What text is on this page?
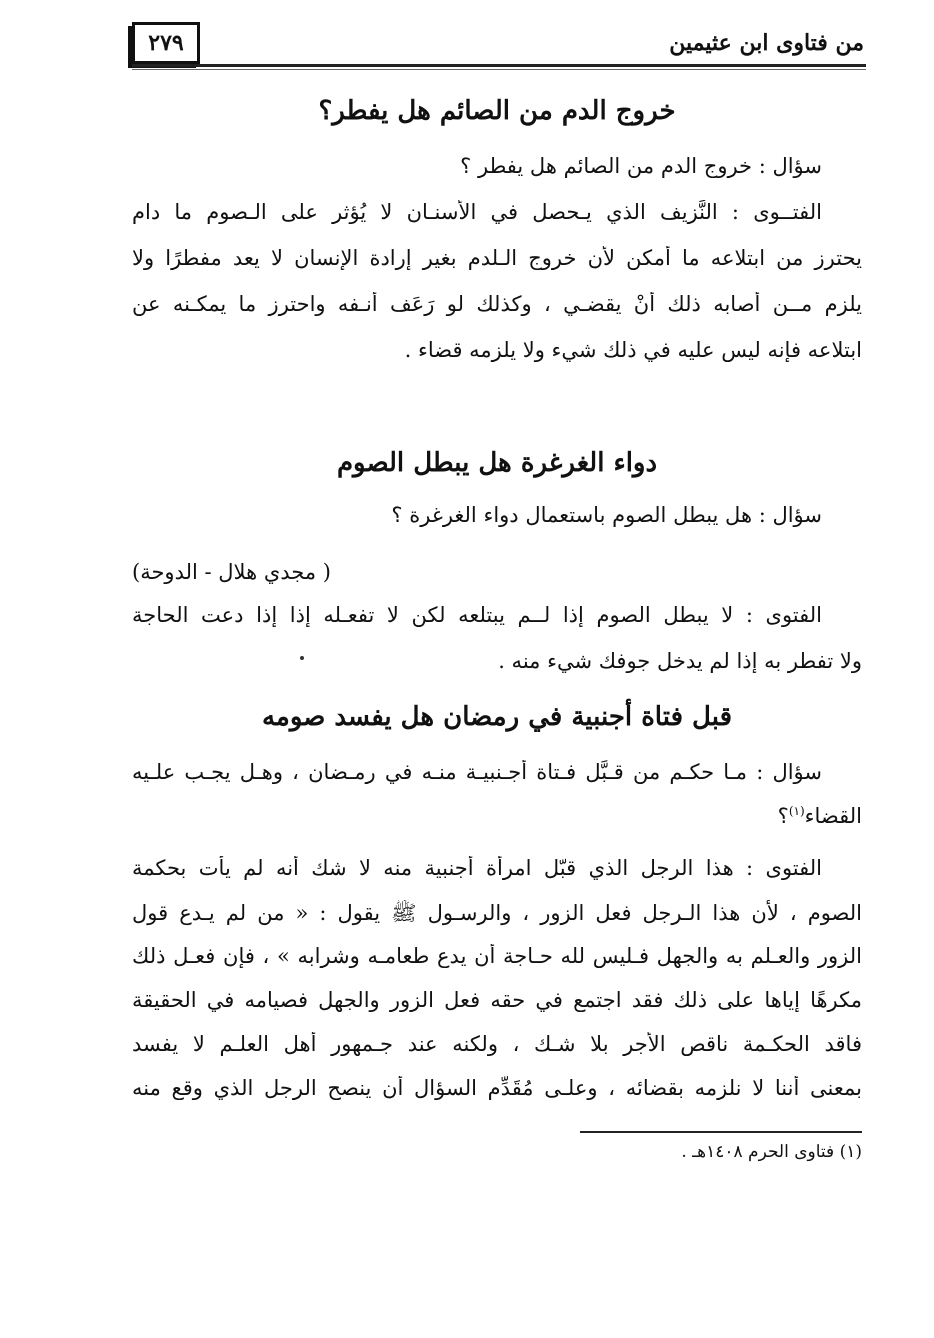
من فتاوى ابن عثيمين
٢٧٩
خروج الدم من الصائم هل يفطر؟
سؤال : خروج الدم من الصائم هل يفطر ؟
الفتــوى : النَّزيف الذي يـحصل في الأسنـان لا يُؤثر على الـصوم ما دام
يحترز من ابتلاعه ما أمكن لأن خروج الـلدم بغير إرادة الإنسان لا يعد مفطرًا ولا
يلزم مــن أصابه ذلك أنْ يقضـي ، وكذلك لو رَعَف أنـفه واحترز ما يمكـنه عن
ابتلاعه فإنه ليس عليه في ذلك شيء ولا يلزمه قضاء .
دواء الغرغرة هل يبطل الصوم
سؤال : هل يبطل الصوم باستعمال دواء الغرغرة ؟
( مجدي هلال - الدوحة)
الفتوى : لا يبطل الصوم إذا لــم يبتلعه لكن لا تفعـله إذا إذا دعت الحاجة
ولا تفطر به إذا لم يدخل جوفك شيء منه .
قبل فتاة أجنبية في رمضان هل يفسد صومه
سؤال : مـا حكـم من قـبَّل فـتاة أجـنبيـة منـه في رمـضان ، وهـل يجـب علـيه
القضاء$^{(١)}$؟
الفتوى : هذا الرجل الذي قبّل امرأة أجنبية منه لا شك أنه لم يأت بحكمة
الصوم ، لأن هذا الـرجل فعل الزور ، والرسـول ﷺ يقول : « من لم يـدع قول
الزور والعـلم به والجهل فـليس لله حـاجة أن يدع طعامـه وشرابه » ، فإن فعـل ذلك
مكرهًا إياها على ذلك فقد اجتمع في حقه فعل الزور والجهل فصيامه في الحقيقة
فاقد الحكـمة ناقص الأجر بلا شـك ، ولكنه عند جـمهور أهل العلـم لا يفسد
بمعنى أننا لا نلزمه بقضائه ، وعلـى مُقَدِّم السؤال أن ينصح الرجل الذي وقع منه
(١) فتاوى الحرم ١٤٠٨هـ .
